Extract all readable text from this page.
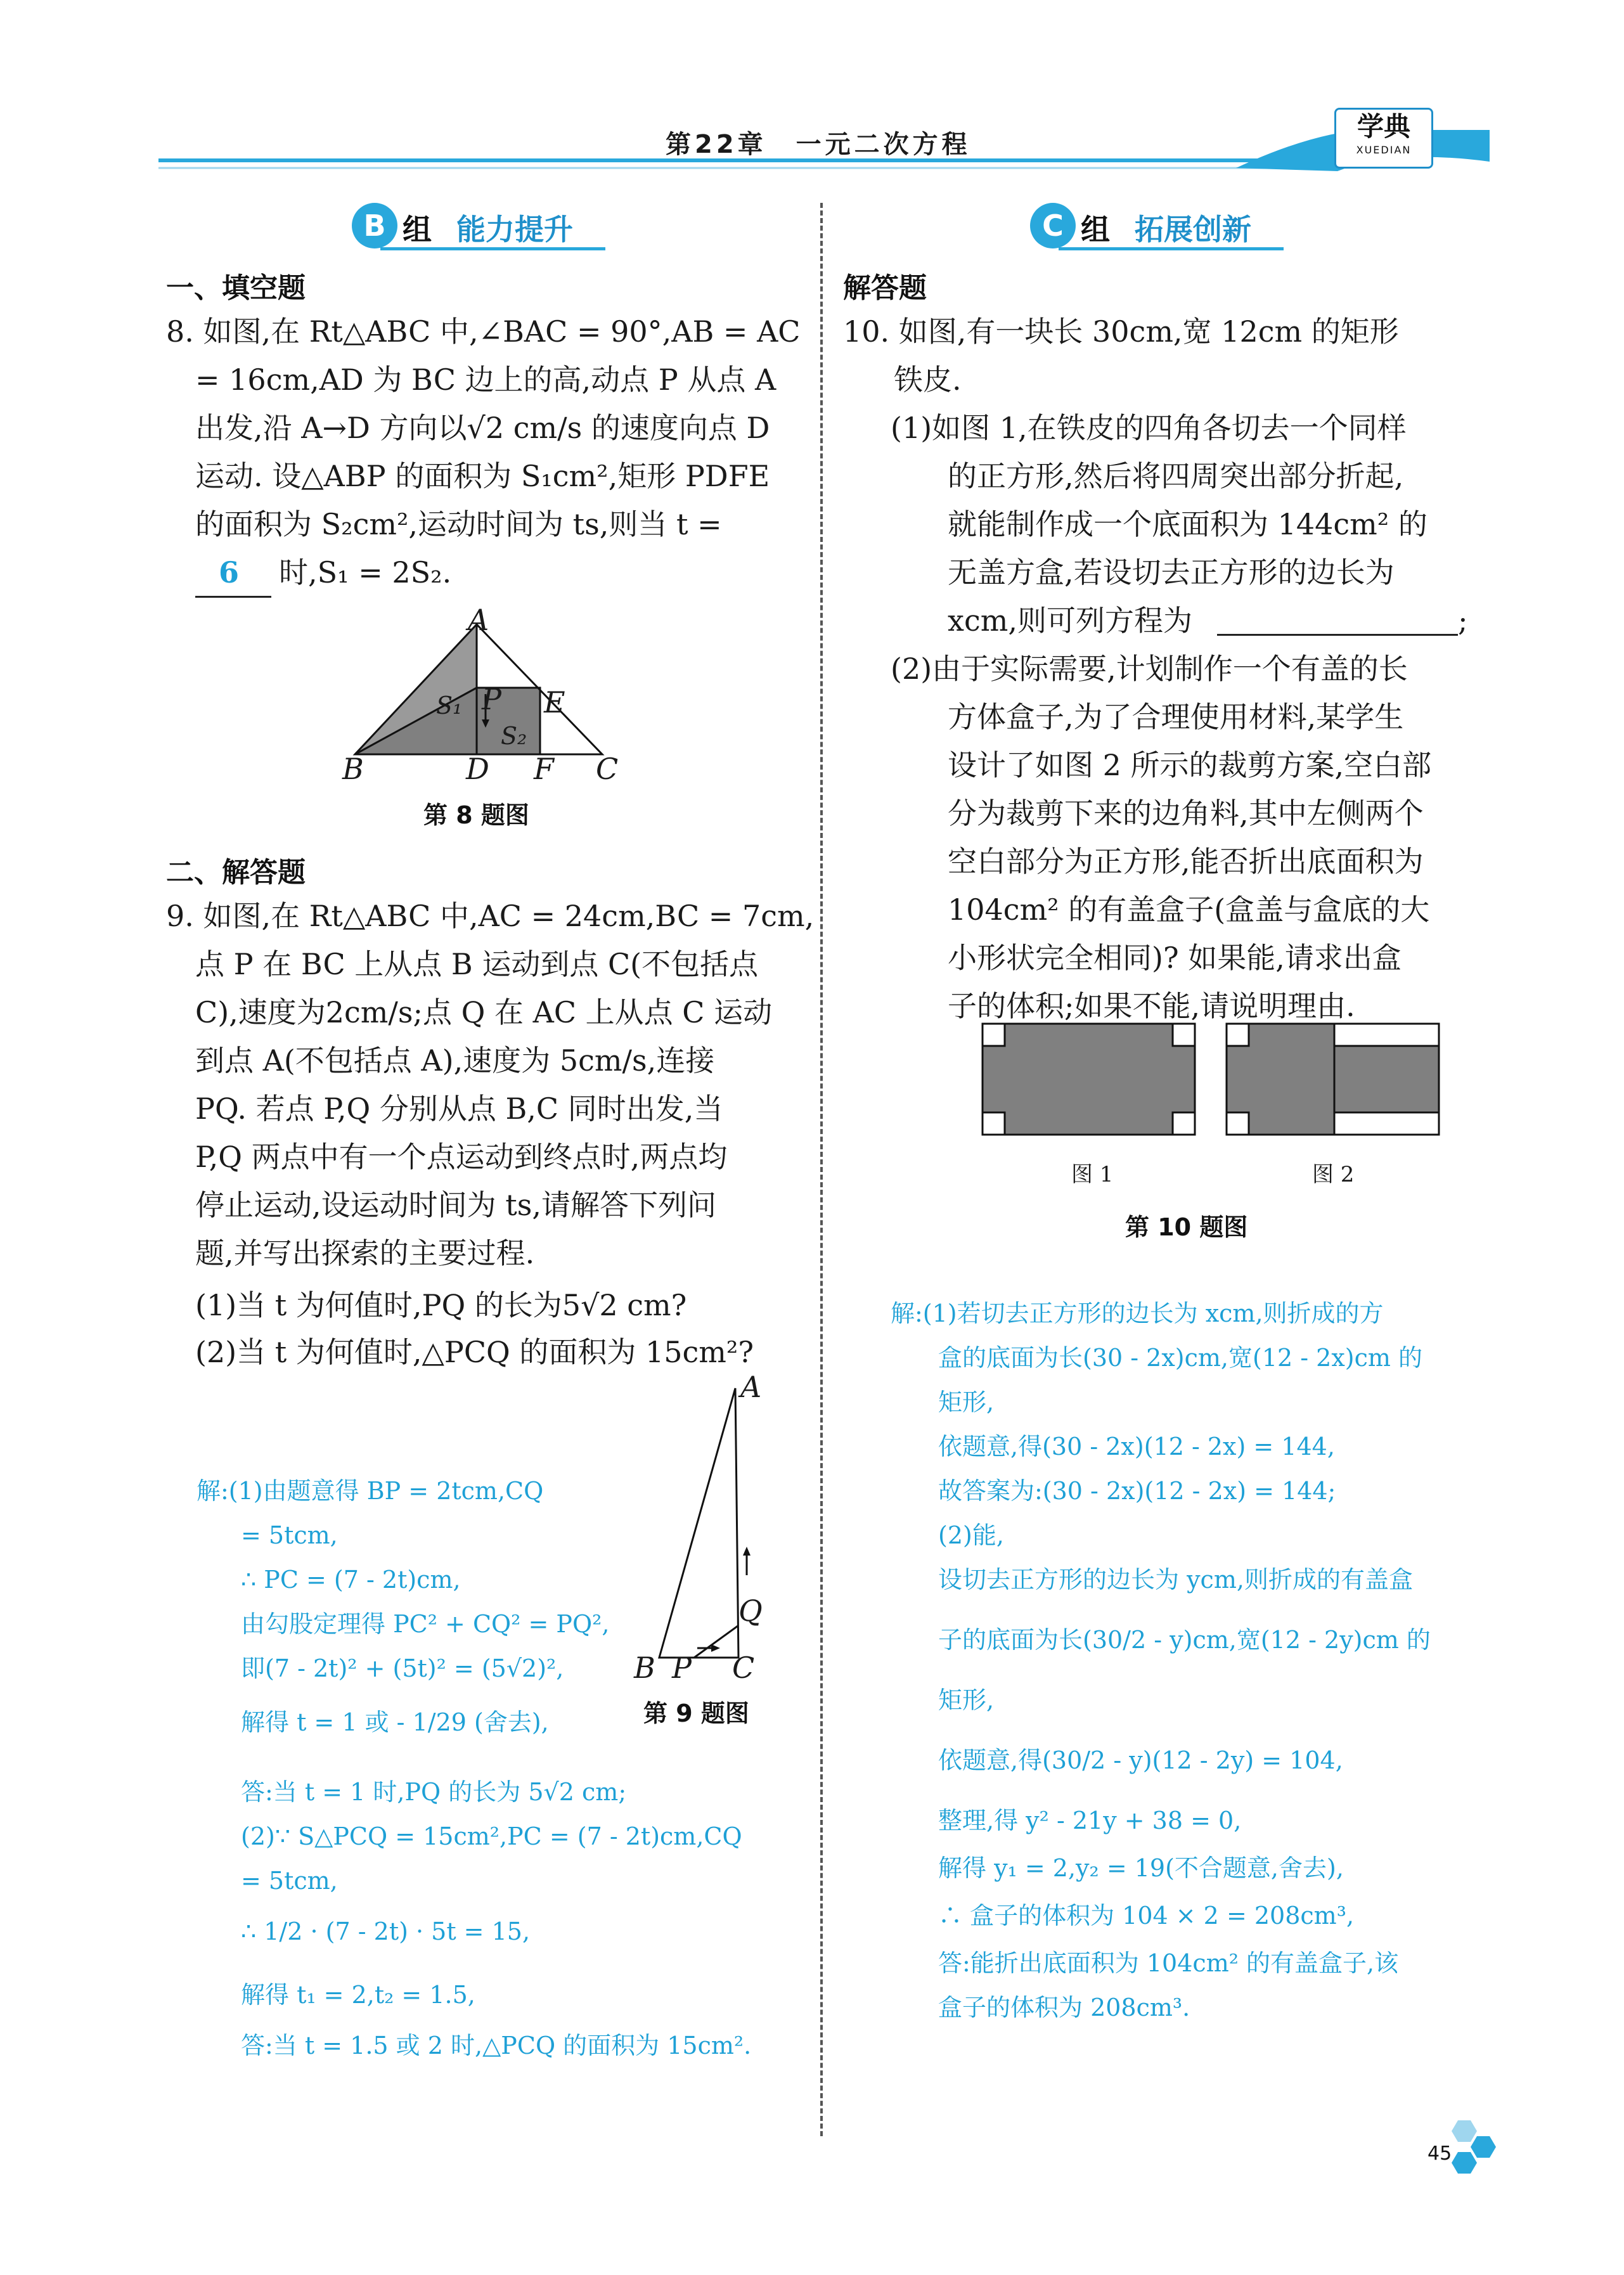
第22章　一元二次方程
学典
XUEDIAN
B 组 能力提升
一、填空题
8. 如图,在 Rt△ABC 中,∠BAC = 90°,AB = AC
= 16cm,AD 为 BC 边上的高,动点 P 从点 A
出发,沿 A→D 方向以√2 cm/s 的速度向点 D
运动. 设△ABP 的面积为 S₁cm²,矩形 PDFE
的面积为 S₂cm²,运动时间为 ts,则当 t =
6 时,S₁ = 2S₂.
A
B	C
D
E
F
P
S₁
S₂
第 8 题图
二、解答题
9. 如图,在 Rt△ABC 中,AC = 24cm,BC = 7cm,
点 P 在 BC 上从点 B 运动到点 C(不包括点
C),速度为2cm/s;点 Q 在 AC 上从点 C 运动
到点 A(不包括点 A),速度为 5cm/s,连接
PQ. 若点 P,Q 分别从点 B,C 同时出发,当
P,Q 两点中有一个点运动到终点时,两点均
停止运动,设运动时间为 ts,请解答下列问
题,并写出探索的主要过程.
(1)当 t 为何值时,PQ 的长为5√2 cm?
(2)当 t 为何值时,△PCQ 的面积为 15cm²?
A
B	C
P
Q
第 9 题图
解:(1)由题意得 BP = 2tcm,CQ
= 5tcm,
∴ PC = (7 - 2t)cm,
由勾股定理得 PC² + CQ² = PQ²,
即(7 - 2t)² + (5t)² = (5√2)²,
解得 t = 1 或 - 1/29 (舍去),
答:当 t = 1 时,PQ 的长为 5√2 cm;
(2)∵ S△PCQ = 15cm²,PC = (7 - 2t)cm,CQ
= 5tcm,
∴ 1/2 · (7 - 2t) · 5t = 15,
解得 t₁ = 2,t₂ = 1.5,
答:当 t = 1.5 或 2 时,△PCQ 的面积为 15cm².
C 组 拓展创新
解答题
10. 如图,有一块长 30cm,宽 12cm 的矩形
铁皮.
(1)如图 1,在铁皮的四角各切去一个同样
的正方形,然后将四周突出部分折起,
就能制作成一个底面积为 144cm² 的
无盖方盒,若设切去正方形的边长为
xcm,则可列方程为	;
(2)由于实际需要,计划制作一个有盖的长
方体盒子,为了合理使用材料,某学生
设计了如图 2 所示的裁剪方案,空白部
分为裁剪下来的边角料,其中左侧两个
空白部分为正方形,能否折出底面积为
104cm² 的有盖盒子(盒盖与盒底的大
小形状完全相同)? 如果能,请求出盒
子的体积;如果不能,请说明理由.
图 1	图 2
第 10 题图
解:(1)若切去正方形的边长为 xcm,则折成的方
盒的底面为长(30 - 2x)cm,宽(12 - 2x)cm 的
矩形,
依题意,得(30 - 2x)(12 - 2x) = 144,
故答案为:(30 - 2x)(12 - 2x) = 144;
(2)能,
设切去正方形的边长为 ycm,则折成的有盖盒
子的底面为长(30/2 - y)cm,宽(12 - 2y)cm 的
矩形,
依题意,得(30/2 - y)(12 - 2y) = 104,
整理,得 y² - 21y + 38 = 0,
解得 y₁ = 2,y₂ = 19(不合题意,舍去),
∴ 盒子的体积为 104 × 2 = 208cm³,
答:能折出底面积为 104cm² 的有盖盒子,该
盒子的体积为 208cm³.
45
